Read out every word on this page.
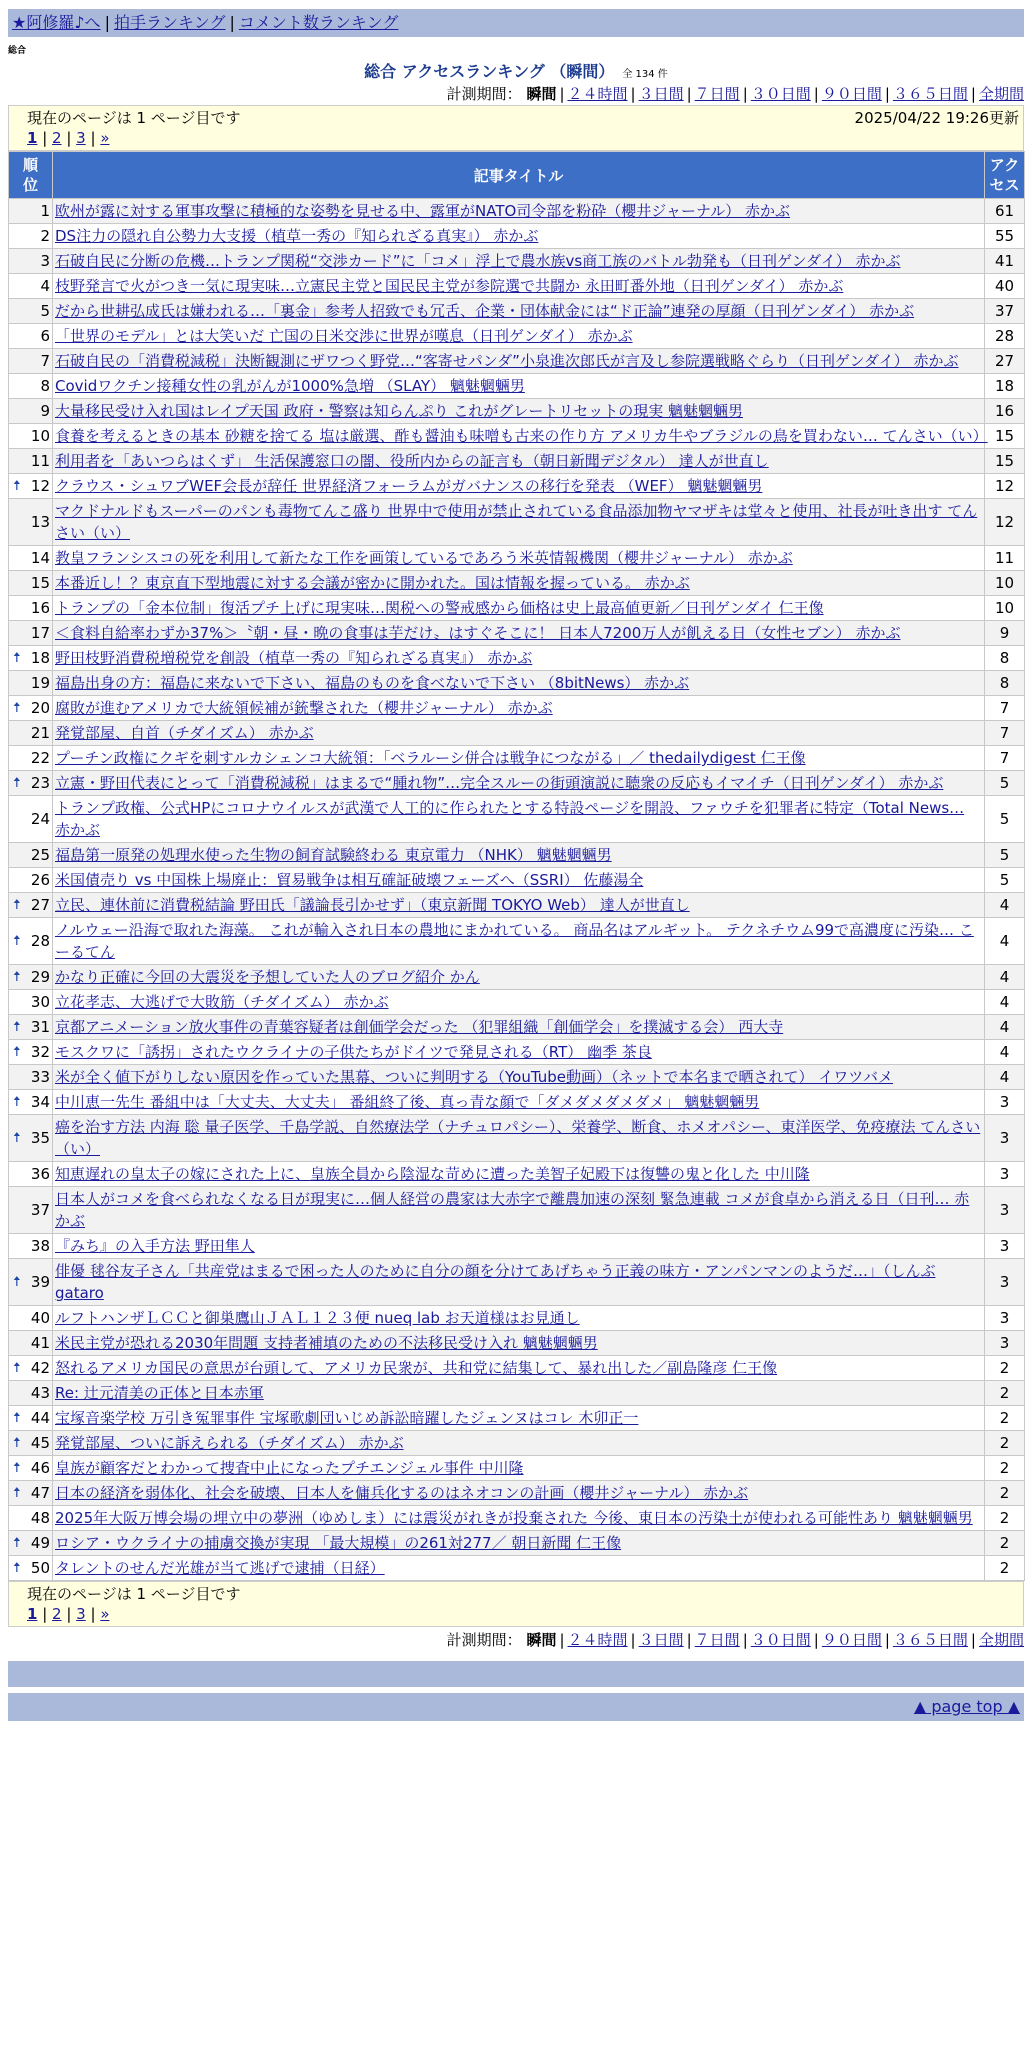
★阿修羅♪へ | 拍手ランキング | コメント数ランキング
総合
総合 アクセスランキング （瞬間） 全 134 件
計測期間： 瞬間 | ２４時間 | ３日間 | ７日間 | ３０日間 | ９０日間 | ３６５日間 | 全期間
現在のページは 1 ページ目です	2025/04/22 19:26更新
1 | 2 | 3 | »
順位	記事タイトル	アクセス
1	欧州が露に対する軍事攻撃に積極的な姿勢を見せる中、露軍がNATO司令部を粉砕（櫻井ジャーナル） 赤かぶ	61
2	DS注力の隠れ自公勢力大支援（植草一秀の『知られざる真実』） 赤かぶ	55
3	石破自民に分断の危機…トランプ関税“交渉カード”に「コメ」浮上で農水族vs商工族のバトル勃発も（日刊ゲンダイ） 赤かぶ	41
4	枝野発言で火がつき一気に現実味…立憲民主党と国民民主党が参院選で共闘か 永田町番外地（日刊ゲンダイ） 赤かぶ	40
5	だから世耕弘成氏は嫌われる…「裏金」参考人招致でも冗舌、企業・団体献金には“ド正論”連発の厚顔（日刊ゲンダイ） 赤かぶ	37
6	「世界のモデル」とは大笑いだ 亡国の日米交渉に世界が嘆息（日刊ゲンダイ） 赤かぶ	28
7	石破自民の「消費税減税」決断観測にザワつく野党…“客寄せパンダ”小泉進次郎氏が言及し参院選戦略ぐらり（日刊ゲンダイ） 赤かぶ	27
8	Covidワクチン接種女性の乳がんが1000%急増 （SLAY） 魑魅魍魎男	18
9	大量移民受け入れ国はレイプ天国 政府・警察は知らんぷり これがグレートリセットの現実 魑魅魍魎男	16
10	食養を考えるときの基本 砂糖を捨てる 塩は厳選、酢も醤油も味噌も古来の作り方 アメリカ牛やブラジルの鳥を買わない… てんさい（い）	15
11	利用者を「あいつらはくず」 生活保護窓口の闇、役所内からの証言も（朝日新聞デジタル） 達人が世直し	15

🠅 12	クラウス・シュワブWEF会長が辞任 世界経済フォーラムがガバナンスの移行を発表 （WEF） 魑魅魍魎男	12
13	マクドナルドもスーパーのパンも毒物てんこ盛り 世界中で使用が禁止されている食品添加物ヤマザキは堂々と使用、社長が吐き出す てんさい（い）	12
14	教皇フランシスコの死を利用して新たな工作を画策しているであろう米英情報機関（櫻井ジャーナル） 赤かぶ	11
15	本番近し！？東京直下型地震に対する会議が密かに開かれた。国は情報を握っている。 赤かぶ	10
16	トランプの「金本位制」復活プチ上げに現実味…関税への警戒感から価格は史上最高値更新／日刊ゲンダイ 仁王像	10
17	＜食料自給率わずか37%＞〝朝・昼・晩の食事は芋だけ〟はすぐそこに！ 日本人7200万人が飢える日（女性セブン） 赤かぶ	9

🠅 18	野田枝野消費税増税党を創設（植草一秀の『知られざる真実』） 赤かぶ	8
19	福島出身の方：福島に来ないで下さい、福島のものを食べないで下さい （8bitNews） 赤かぶ	8

🠅 20	腐敗が進むアメリカで大統領候補が銃撃された（櫻井ジャーナル） 赤かぶ	7
21	発覚部屋、自首（チダイズム） 赤かぶ	7
22	プーチン政権にクギを刺すルカシェンコ大統領：「ベラルーシ併合は戦争につながる」／ thedailydigest 仁王像	7

🠅 23	立憲・野田代表にとって「消費税減税」はまるで“腫れ物”…完全スルーの街頭演説に聴衆の反応もイマイチ（日刊ゲンダイ） 赤かぶ	5
24	トランプ政権、公式HPにコロナウイルスが武漢で人工的に作られたとする特設ページを開設、ファウチを犯罪者に特定（Total News… 赤かぶ	5
25	福島第一原発の処理水使った生物の飼育試験終わる 東京電力 （NHK） 魑魅魍魎男	5
26	米国債売り vs 中国株上場廃止：貿易戦争は相互確証破壊フェーズへ（SSRI） 佐藤湯全	5

🠅 27	立民、連休前に消費税結論 野田氏「議論長引かせず」（東京新聞 TOKYO Web） 達人が世直し	4

🠅 28	ノルウェー沿海で取れた海藻。 これが輸入され日本の農地にまかれている。 商品名はアルギット。 テクネチウム99で高濃度に汚染… こーるてん	4

🠅 29	かなり正確に今回の大震災を予想していた人のブログ紹介 かん	4
30	立花孝志、大逃げで大敗筋（チダイズム） 赤かぶ	4

🠅 31	京都アニメーション放火事件の青葉容疑者は創価学会だった （犯罪組織「創価学会」を撲滅する会） 西大寺	4

🠅 32	モスクワに「誘拐」されたウクライナの子供たちがドイツで発見される（RT） 幽季 茶良	4
33	米が全く値下がりしない原因を作っていた黒幕、ついに判明する（YouTube動画）（ネットで本名まで晒されて） イワツバメ	4

🠅 34	中川恵一先生 番組中は「大丈夫、大丈夫」 番組終了後、真っ青な顔で「ダメダメダメダメ」 魑魅魍魎男	3

🠅 35	癌を治す方法 内海 聡 量子医学、千島学説、自然療法学（ナチュロパシー）、栄養学、断食、ホメオパシー、東洋医学、免疫療法 てんさい（い）	3
36	知恵遅れの皇太子の嫁にされた上に、皇族全員から陰湿な苛めに遭った美智子妃殿下は復讐の鬼と化した 中川隆	3
37	日本人がコメを食べられなくなる日が現実に…個人経営の農家は大赤字で離農加速の深刻 緊急連載 コメが食卓から消える日（日刊… 赤かぶ	3
38	『みち』の入手方法 野田隼人	3

🠅 39	俳優 毬谷友子さん「共産党はまるで困った人のために自分の顔を分けてあげちゃう正義の味方・アンパンマンのようだ…」（しんぶ gataro	3
40	ルフトハンザＬＣＣと御巣鷹山ＪＡＬ１２３便 nueq lab お天道様はお見通し	3
41	米民主党が恐れる2030年問題 支持者補填のための不法移民受け入れ 魑魅魍魎男	3

🠅 42	怒れるアメリカ国民の意思が台頭して、アメリカ民衆が、共和党に結集して、暴れ出した／副島隆彦 仁王像	2
43	Re: 辻元清美の正体と日本赤軍	2

🠅 44	宝塚音楽学校 万引き冤罪事件 宝塚歌劇団いじめ訴訟暗躍したジェンヌはコレ 木卯正一	2

🠅 45	発覚部屋、ついに訴えられる（チダイズム） 赤かぶ	2

🠅 46	皇族が顧客だとわかって捜査中止になったプチエンジェル事件 中川隆	2

🠅 47	日本の経済を弱体化、社会を破壊、日本人を傭兵化するのはネオコンの計画（櫻井ジャーナル） 赤かぶ	2
48	2025年大阪万博会場の埋立中の夢洲（ゆめしま）には震災がれきが投棄された 今後、東日本の汚染土が使われる可能性あり 魑魅魍魎男	2

🠅 49	ロシア・ウクライナの捕虜交換が実現 「最大規模」の261対277／ 朝日新聞 仁王像	2

🠅 50	タレントのせんだ光雄が当て逃げで逮捕（日経）	2
現在のページは 1 ページ目です
1 | 2 | 3 | »
計測期間： 瞬間 | ２４時間 | ３日間 | ７日間 | ３０日間 | ９０日間 | ３６５日間 | 全期間
▲ page top ▲
